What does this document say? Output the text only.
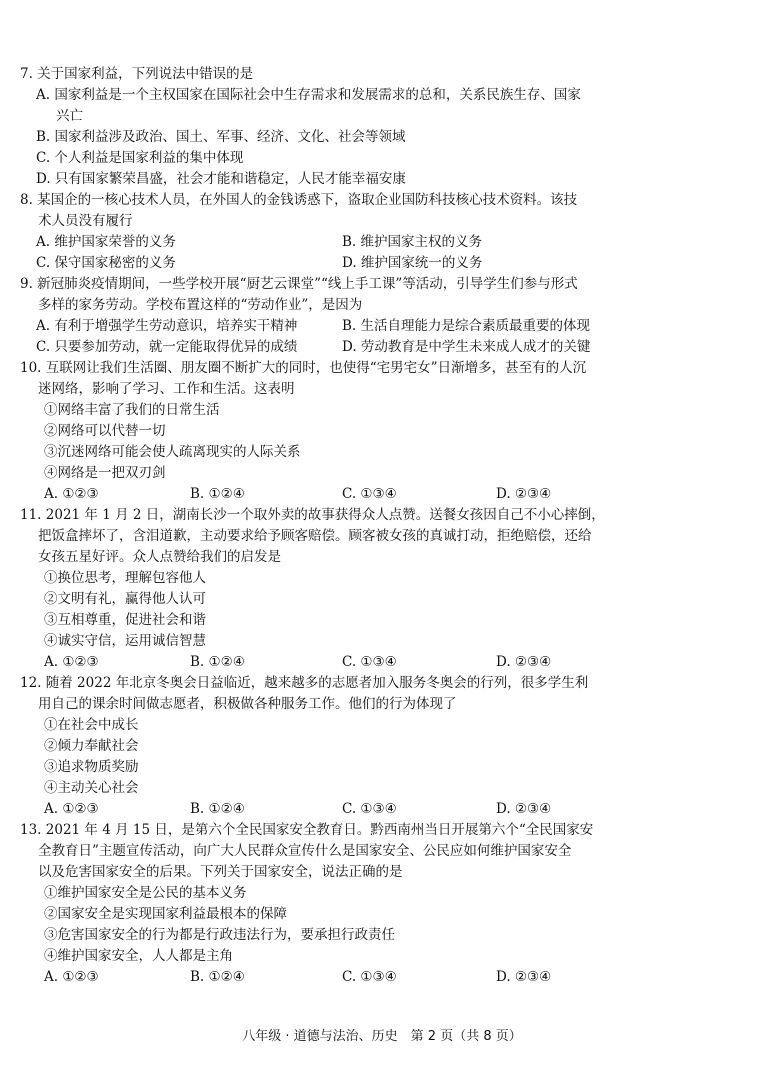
7. 关于国家利益，下列说法中错误的是
A. 国家利益是一个主权国家在国际社会中生存需求和发展需求的总和，关系民族生存、国家
兴亡
B. 国家利益涉及政治、国土、军事、经济、文化、社会等领域
C. 个人利益是国家利益的集中体现
D. 只有国家繁荣昌盛，社会才能和谐稳定，人民才能幸福安康
8. 某国企的一核心技术人员，在外国人的金钱诱惑下，盗取企业国防科技核心技术资料。该技
术人员没有履行
A. 维护国家荣誉的义务	B. 维护国家主权的义务
C. 保守国家秘密的义务	D. 维护国家统一的义务
9. 新冠肺炎疫情期间，一些学校开展“厨艺云课堂”“线上手工课”等活动，引导学生们参与形式
多样的家务劳动。学校布置这样的“劳动作业”，是因为
A. 有利于增强学生劳动意识，培养实干精神	B. 生活自理能力是综合素质最重要的体现
C. 只要参加劳动，就一定能取得优异的成绩	D. 劳动教育是中学生未来成人成才的关键
10. 互联网让我们生活圈、朋友圈不断扩大的同时，也使得“宅男宅女”日渐增多，甚至有的人沉
迷网络，影响了学习、工作和生活。这表明
①网络丰富了我们的日常生活
②网络可以代替一切
③沉迷网络可能会使人疏离现实的人际关系
④网络是一把双刃剑
A. ①②③	B. ①②④	C. ①③④	D. ②③④
11. 2021 年 1 月 2 日，湖南长沙一个取外卖的故事获得众人点赞。送餐女孩因自己不小心摔倒，
把饭盒摔坏了，含泪道歉，主动要求给予顾客赔偿。顾客被女孩的真诚打动，拒绝赔偿，还给
女孩五星好评。众人点赞给我们的启发是
①换位思考，理解包容他人
②文明有礼，赢得他人认可
③互相尊重，促进社会和谐
④诚实守信，运用诚信智慧
A. ①②③	B. ①②④	C. ①③④	D. ②③④
12. 随着 2022 年北京冬奥会日益临近，越来越多的志愿者加入服务冬奥会的行列，很多学生利
用自己的课余时间做志愿者，积极做各种服务工作。他们的行为体现了
①在社会中成长
②倾力奉献社会
③追求物质奖励
④主动关心社会
A. ①②③	B. ①②④	C. ①③④	D. ②③④
13. 2021 年 4 月 15 日，是第六个全民国家安全教育日。黔西南州当日开展第六个“全民国家安
全教育日”主题宣传活动，向广大人民群众宣传什么是国家安全、公民应如何维护国家安全
以及危害国家安全的后果。下列关于国家安全，说法正确的是
①维护国家安全是公民的基本义务
②国家安全是实现国家利益最根本的保障
③危害国家安全的行为都是行政违法行为，要承担行政责任
④维护国家安全，人人都是主角
A. ①②③	B. ①②④	C. ①③④	D. ②③④
八年级 · 道德与法治、历史　第 2 页（共 8 页）
